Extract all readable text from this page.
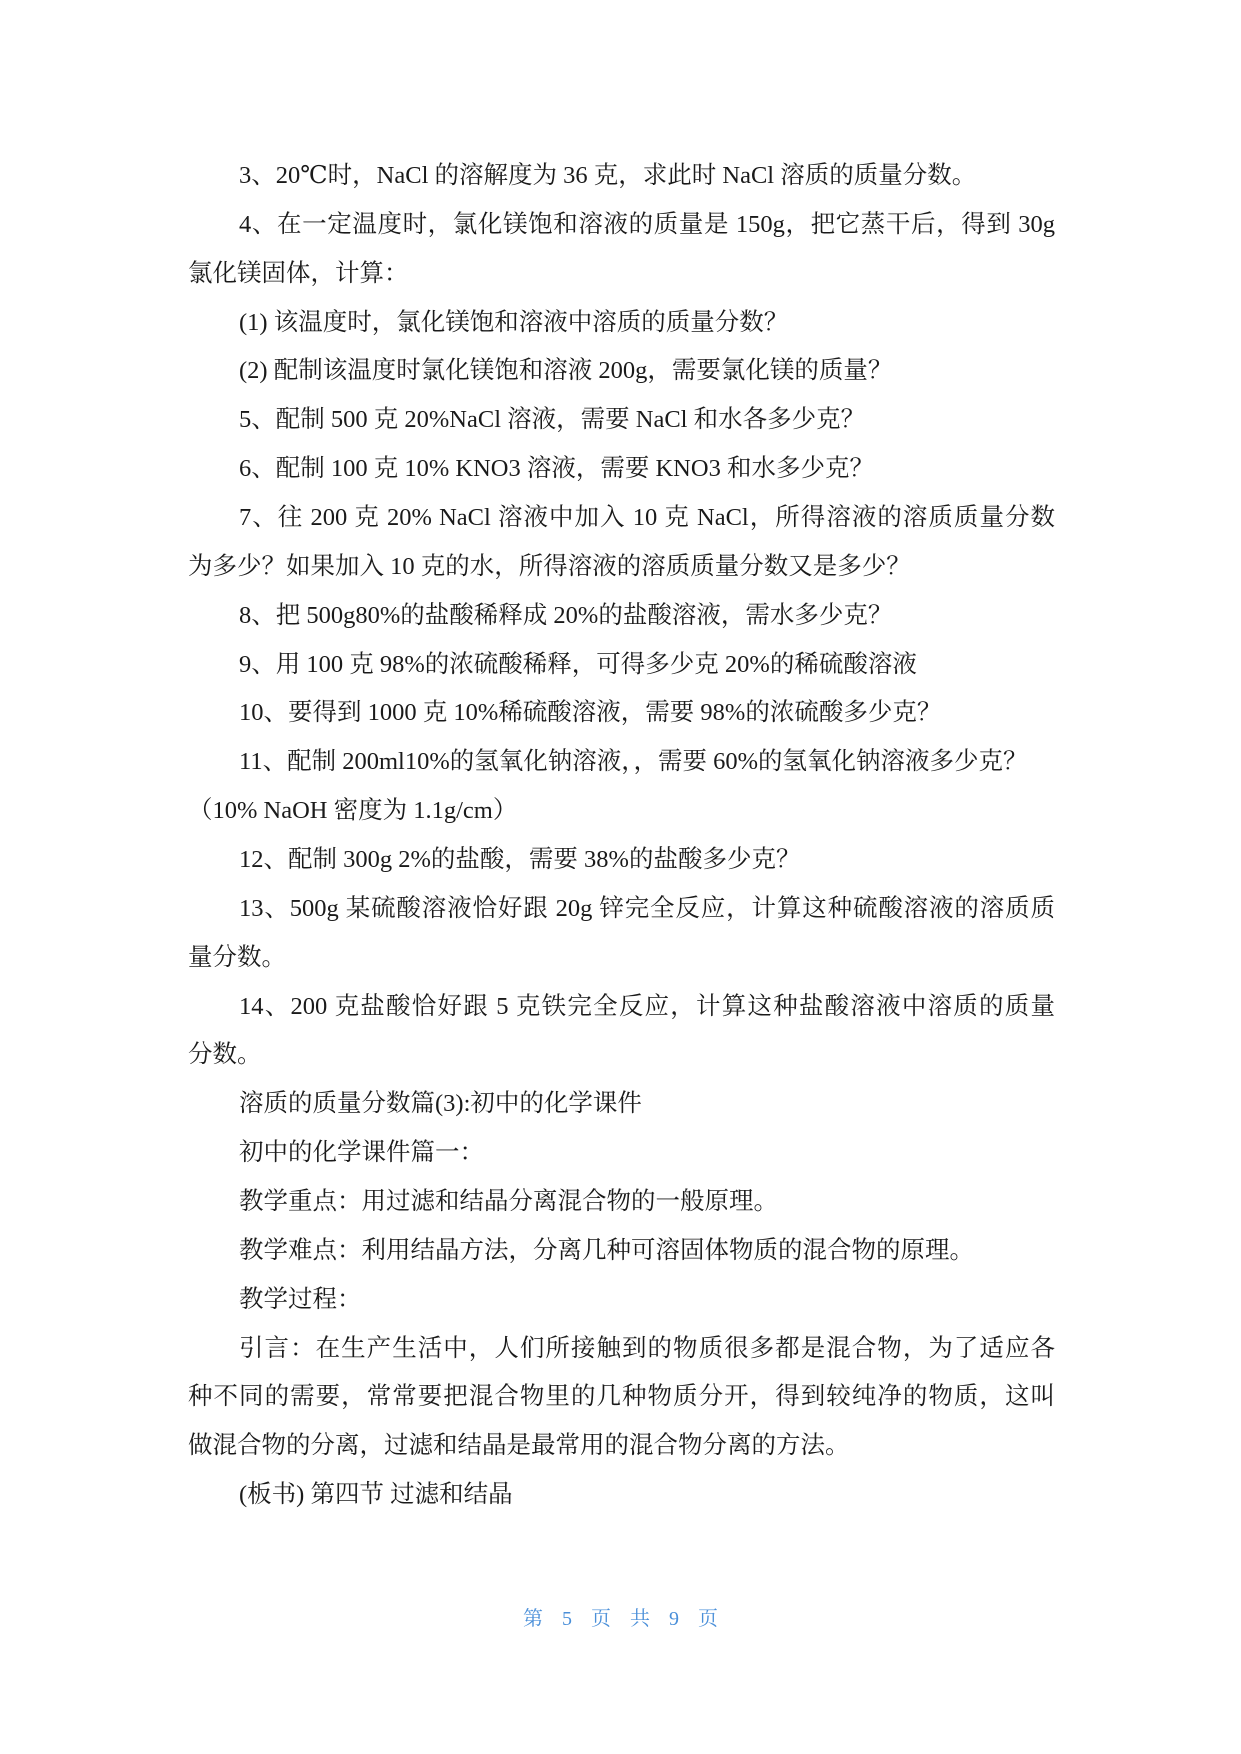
3、20℃时，NaCl 的溶解度为 36 克，求此时 NaCl 溶质的质量分数。
4、在一定温度时，氯化镁饱和溶液的质量是 150g，把它蒸干后，得到 30g
氯化镁固体，计算：
(1) 该温度时，氯化镁饱和溶液中溶质的质量分数？
(2) 配制该温度时氯化镁饱和溶液 200g，需要氯化镁的质量？
5、配制 500 克 20%NaCl 溶液，需要 NaCl 和水各多少克？
6、配制 100 克 10% KNO3 溶液，需要 KNO3 和水多少克？
7、往 200 克 20% NaCl 溶液中加入 10 克 NaCl，所得溶液的溶质质量分数
为多少？如果加入 10 克的水，所得溶液的溶质质量分数又是多少？
8、把 500g80%的盐酸稀释成 20%的盐酸溶液，需水多少克？
9、用 100 克 98%的浓硫酸稀释，可得多少克 20%的稀硫酸溶液
10、要得到 1000 克 10%稀硫酸溶液，需要 98%的浓硫酸多少克？
11、配制 200ml10%的氢氧化钠溶液，，需要 60%的氢氧化钠溶液多少克？
（10% NaOH 密度为 1.1g/cm）
12、配制 300g 2%的盐酸，需要 38%的盐酸多少克？
13、500g 某硫酸溶液恰好跟 20g 锌完全反应，计算这种硫酸溶液的溶质质
量分数。
14、200 克盐酸恰好跟 5 克铁完全反应，计算这种盐酸溶液中溶质的质量
分数。
溶质的质量分数篇(3):初中的化学课件
初中的化学课件篇一：
教学重点：用过滤和结晶分离混合物的一般原理。
教学难点：利用结晶方法，分离几种可溶固体物质的混合物的原理。
教学过程：
引言：在生产生活中，人们所接触到的物质很多都是混合物，为了适应各
种不同的需要，常常要把混合物里的几种物质分开，得到较纯净的物质，这叫
做混合物的分离，过滤和结晶是最常用的混合物分离的方法。
(板书) 第四节 过滤和结晶
第 5 页 共 9 页
